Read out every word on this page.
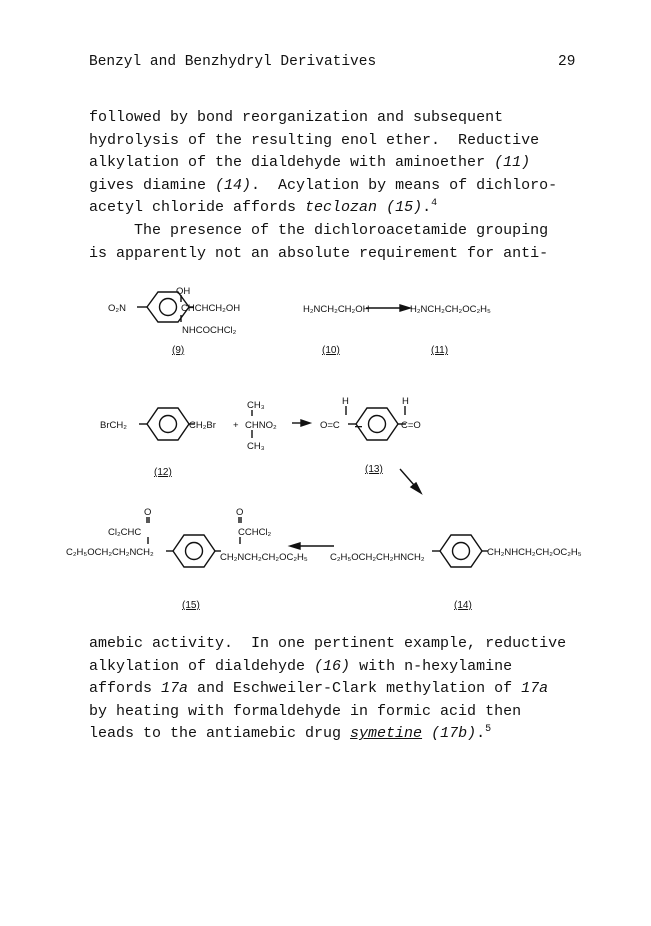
Benzyl and Benzhydryl Derivatives	29
followed by bond reorganization and subsequent
hydrolysis of the resulting enol ether.  Reductive
alkylation of the dialdehyde with aminoether (11)
gives diamine (14).  Acylation by means of dichloro-
acetyl chloride affords teclozan (15).$^4$
The presence of the dichloroacetamide grouping
is apparently not an absolute requirement for anti-
O₂N
OH
CHCHCH₂OH
NHCOCHCl₂
(9)
H₂NCH₂CH₂OH	H₂NCH₂CH₂OC₂H₅
(10)	(11)
BrCH₂	CH₂Br +
CH₃
CHNO₂
CH₃
(12)
H	H
O=C	C=O
(13)
O
Cl₂CHC
C₂H₅OCH₂CH₂NCH₂
O
CCHCl₂
CH₂NCH₂CH₂OC₂H₅
(15)
C₂H₅OCH₂CH₂HNCH₂	CH₂NHCH₂CH₂OC₂H₅
(14)
amebic activity.  In one pertinent example, reductive
alkylation of dialdehyde (16) with n-hexylamine
affords 17a and Eschweiler-Clark methylation of 17a
by heating with formaldehyde in formic acid then
leads to the antiamebic drug symetine (17b).$^5$
